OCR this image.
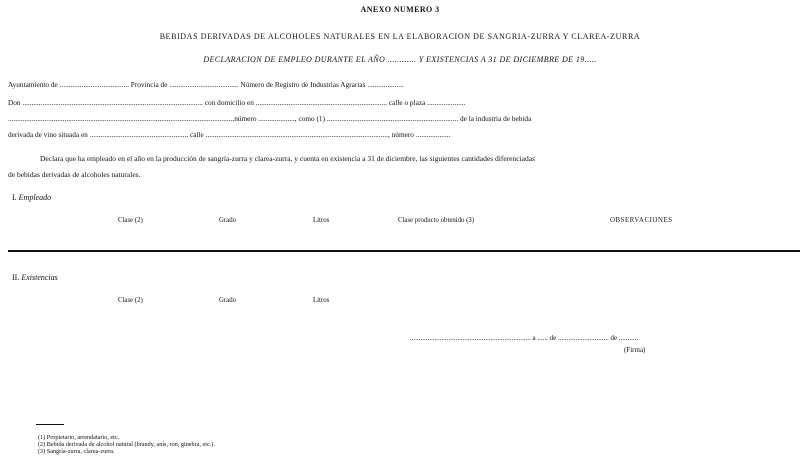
ANEXO NUMERO 3
BEBIDAS DERIVADAS DE ALCOHOLES NATURALES EN LA ELABORACION DE SANGRIA-ZURRA Y CLAREA-ZURRA
DECLARACION DE EMPLEO DURANTE EL AÑO ............ Y EXISTENCIAS A 31 DE DICIEMBRE DE 19.....
Ayuntamiento de ...................................... Provincia de ...................................... Número de Registro de Industrias Agrarias ....................
Don ................................................................................................... con domicilio en ........................................................................ calle o plaza .....................
...........................................................................................................................,número ...................., como (1) ........................................................................ de la industria de bebida
derivada de vino situada en ...................................................... calle ...................................................................................................., número ...................
Declara que ha empleado en el año en la producción de sangría-zurra y clarea-zurra, y cuenta en existencia a 31 de diciembre, las siguientes cantidades diferenciadas
de bebidas derivadas de alcoholes naturales.
I. Empleado
Clase (2)	Grado	Litros	Clase producto obtenido (3)	OBSERVACIONES
II. Existencias
Clase (2)	Grado	Litros
..................................................................... a ...... de ............................. de ...........
(Firma)
(1) Propietario, arrendatario, etc.
(2) Bebida derivada de alcohol natural (brandy, anís, ron, ginebra, etc.).
(3) Sangría-zurra, clarea-zurra.
